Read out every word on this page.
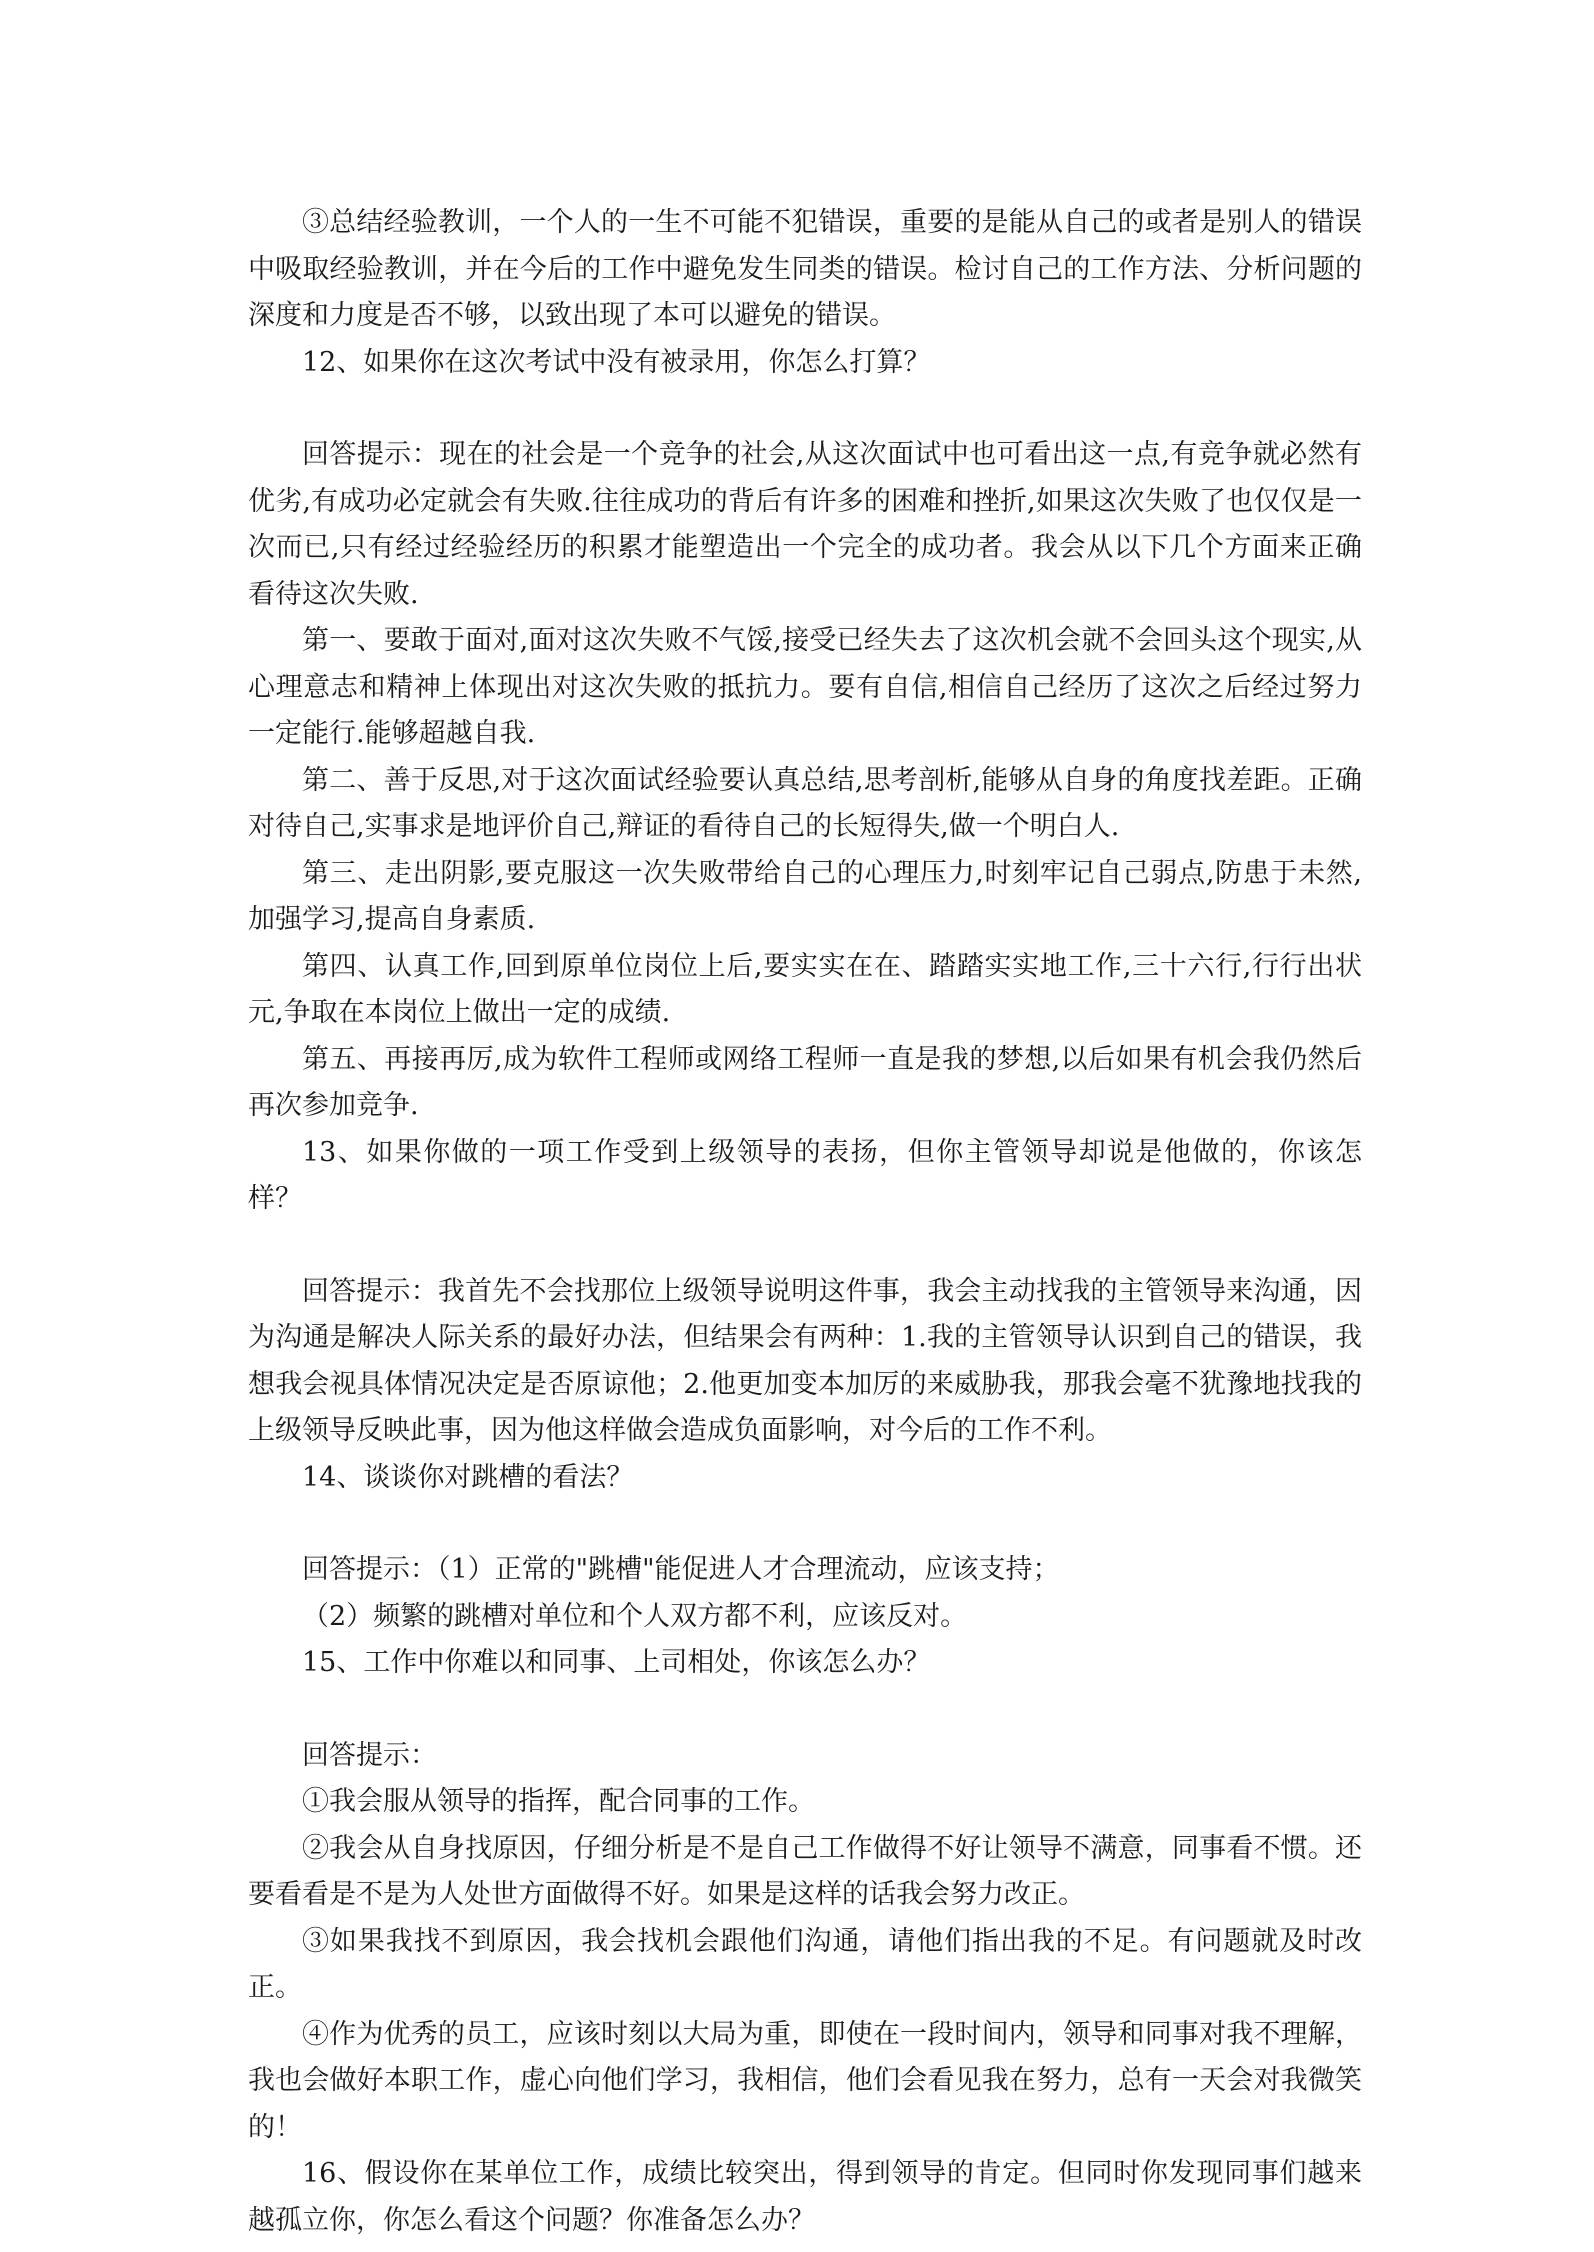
③总结经验教训，一个人的一生不可能不犯错误，重要的是能从自己的或者是别人的错误中吸取经验教训，并在今后的工作中避免发生同类的错误。检讨自己的工作方法、分析问题的深度和力度是否不够，以致出现了本可以避免的错误。

12、如果你在这次考试中没有被录用，你怎么打算？

回答提示：现在的社会是一个竞争的社会,从这次面试中也可看出这一点,有竞争就必然有优劣,有成功必定就会有失败.往往成功的背后有许多的困难和挫折,如果这次失败了也仅仅是一次而已,只有经过经验经历的积累才能塑造出一个完全的成功者。我会从以下几个方面来正确看待这次失败.

第一、要敢于面对,面对这次失败不气馁,接受已经失去了这次机会就不会回头这个现实,从心理意志和精神上体现出对这次失败的抵抗力。要有自信,相信自己经历了这次之后经过努力一定能行.能够超越自我.

第二、善于反思,对于这次面试经验要认真总结,思考剖析,能够从自身的角度找差距。正确对待自己,实事求是地评价自己,辩证的看待自己的长短得失,做一个明白人.

第三、走出阴影,要克服这一次失败带给自己的心理压力,时刻牢记自己弱点,防患于未然,加强学习,提高自身素质.

第四、认真工作,回到原单位岗位上后,要实实在在、踏踏实实地工作,三十六行,行行出状元,争取在本岗位上做出一定的成绩.

第五、再接再厉,成为软件工程师或网络工程师一直是我的梦想,以后如果有机会我仍然后再次参加竞争.

13、如果你做的一项工作受到上级领导的表扬，但你主管领导却说是他做的，你该怎样？

回答提示：我首先不会找那位上级领导说明这件事，我会主动找我的主管领导来沟通，因为沟通是解决人际关系的最好办法，但结果会有两种：1.我的主管领导认识到自己的错误，我想我会视具体情况决定是否原谅他；2.他更加变本加厉的来威胁我，那我会毫不犹豫地找我的上级领导反映此事，因为他这样做会造成负面影响，对今后的工作不利。

14、谈谈你对跳槽的看法？

回答提示：（1）正常的"跳槽"能促进人才合理流动，应该支持；

（2）频繁的跳槽对单位和个人双方都不利，应该反对。

15、工作中你难以和同事、上司相处，你该怎么办？

回答提示：

①我会服从领导的指挥，配合同事的工作。

②我会从自身找原因，仔细分析是不是自己工作做得不好让领导不满意，同事看不惯。还要看看是不是为人处世方面做得不好。如果是这样的话我会努力改正。

③如果我找不到原因，我会找机会跟他们沟通，请他们指出我的不足。有问题就及时改正。

④作为优秀的员工，应该时刻以大局为重，即使在一段时间内，领导和同事对我不理解，我也会做好本职工作，虚心向他们学习，我相信，他们会看见我在努力，总有一天会对我微笑的！

16、假设你在某单位工作，成绩比较突出，得到领导的肯定。但同时你发现同事们越来越孤立你，你怎么看这个问题？你准备怎么办？
